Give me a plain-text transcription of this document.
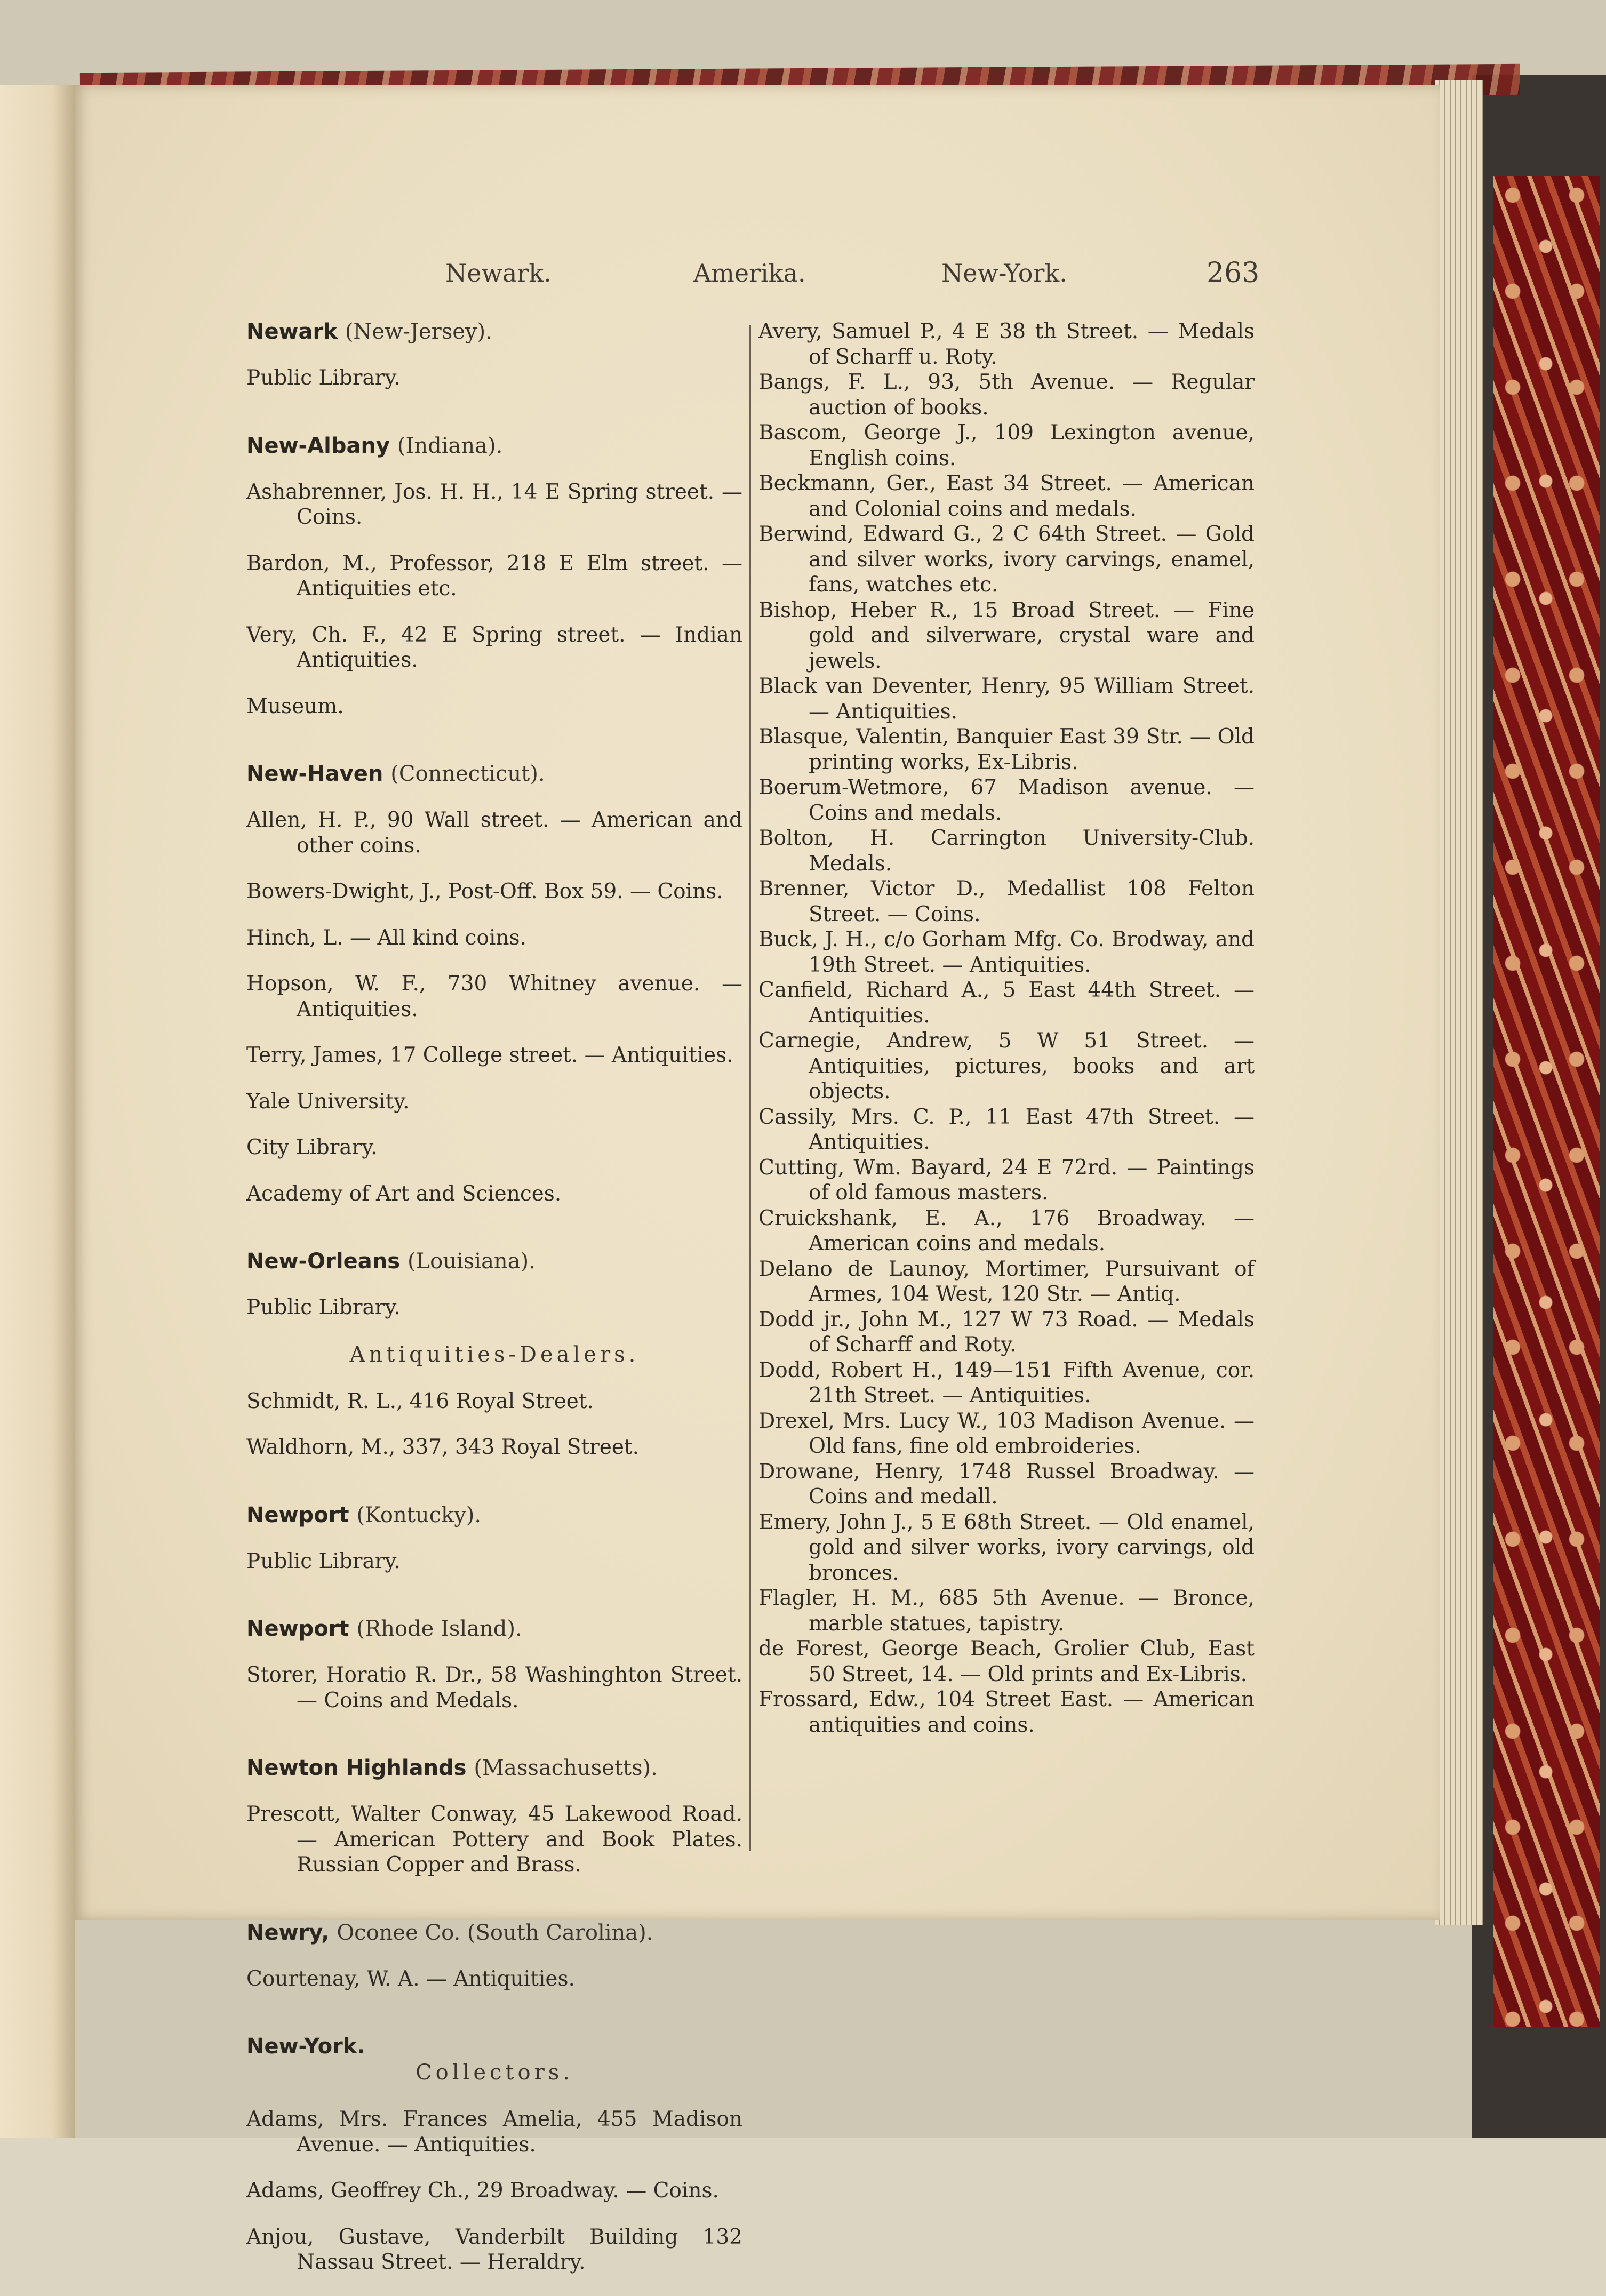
Newark.	Amerika.	New-York.	263

Newark (New-Jersey).

Public Library.

New-Albany (Indiana).

Ashabrenner, Jos. H. H., 14 E Spring street. — Coins.

Bardon, M., Professor, 218 E Elm street. — Antiquities etc.

Very, Ch. F., 42 E Spring street. — Indian Antiquities.

Museum.

New-Haven (Connecticut).

Allen, H. P., 90 Wall street. — American and other coins.

Bowers-Dwight, J., Post-Off. Box 59. — Coins.

Hinch, L. — All kind coins.

Hopson, W. F., 730 Whitney avenue. — Antiquities.

Terry, James, 17 College street. — Antiquities.

Yale University.

City Library.

Academy of Art and Sciences.

New-Orleans (Louisiana).

Public Library.

Antiquities-Dealers.

Schmidt, R. L., 416 Royal Street.

Waldhorn, M., 337, 343 Royal Street.

Newport (Kontucky).

Public Library.

Newport (Rhode Island).

Storer, Horatio R. Dr., 58 Washinghton Street. — Coins and Medals.

Newton Highlands (Massachusetts).

Prescott, Walter Conway, 45 Lakewood Road. — American Pottery and Book Plates. Russian Copper and Brass.

Newry, Oconee Co. (South Carolina).

Courtenay, W. A. — Antiquities.

New-York.

Collectors.

Adams, Mrs. Frances Amelia, 455 Madison Avenue. — Antiquities.

Adams, Geoffrey Ch., 29 Broadway. — Coins.

Anjou, Gustave, Vanderbilt Building 132 Nassau Street. — Heraldry.

Avery, Samuel P., 4 E 38 th Street. — Medals of Scharff u. Roty.

Bangs, F. L., 93, 5th Avenue. — Regular auction of books.

Bascom, George J., 109 Lexington avenue, English coins.

Beckmann, Ger., East 34 Street. — American and Colonial coins and medals.

Berwind, Edward G., 2 C 64th Street. — Gold and silver works, ivory carvings, enamel, fans, watches etc.

Bishop, Heber R., 15 Broad Street. — Fine gold and silverware, crystal ware and jewels.

Black van Deventer, Henry, 95 William Street. — Antiquities.

Blasque, Valentin, Banquier East 39 Str. — Old printing works, Ex-Libris.

Boerum-Wetmore, 67 Madison avenue. — Coins and medals.

Bolton, H. Carrington University-Club. Medals.

Brenner, Victor D., Medallist 108 Felton Street. — Coins.

Buck, J. H., c/o Gorham Mfg. Co. Brodway, and 19th Street. — Antiquities.

Canfield, Richard A., 5 East 44th Street. — Antiquities.

Carnegie, Andrew, 5 W 51 Street. — Antiquities, pictures, books and art objects.

Cassily, Mrs. C. P., 11 East 47th Street. — Antiquities.

Cutting, Wm. Bayard, 24 E 72rd. — Paintings of old famous masters.

Cruickshank, E. A., 176 Broadway. — American coins and medals.

Delano de Launoy, Mortimer, Pursuivant of Armes, 104 West, 120 Str. — Antiq.

Dodd jr., John M., 127 W 73 Road. — Medals of Scharff and Roty.

Dodd, Robert H., 149—151 Fifth Avenue, cor. 21th Street. — Antiquities.

Drexel, Mrs. Lucy W., 103 Madison Avenue. — Old fans, fine old embroideries.

Drowane, Henry, 1748 Russel Broadway. — Coins and medall.

Emery, John J., 5 E 68th Street. — Old enamel, gold and silver works, ivory carvings, old bronces.

Flagler, H. M., 685 5th Avenue. — Bronce, marble statues, tapistry.

de Forest, George Beach, Grolier Club, East 50 Street, 14. — Old prints and Ex-Libris.

Frossard, Edw., 104 Street East. — American antiquities and coins.
